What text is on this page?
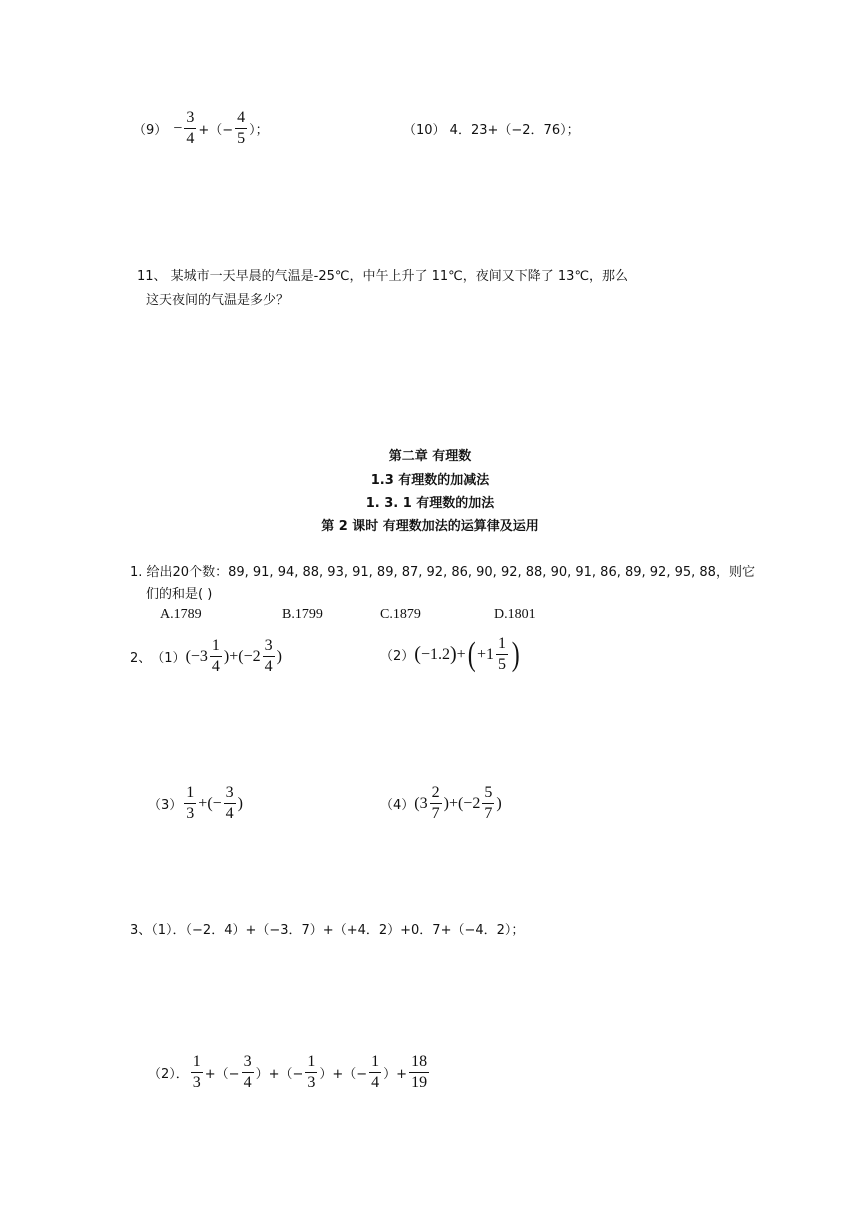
$(9) - \frac{3}{4}$ +（− $\frac{4}{5}$ ）；	（10） 4．23+（−2．76）；
11、 某城市一天早晨的气温是-25℃，中午上升了 11℃，夜间又下降了 13℃，那么
这天夜间的气温是多少？
第二章 有理数
1.3 有理数的加减法
1. 3. 1 有理数的加法
第 2 课时 有理数加法的运算律及运用
1. 给出20个数：89, 91, 94, 88, 93, 91, 89, 87, 92, 86, 90, 92, 88, 90, 91, 86, 89, 92, 95, 88，则它
们的和是( )
A.1789	B.1799	C.1879	D.1801
2、 （1） ( $-3 \frac{1}{4}$ ) + ( $-2 \frac{3}{4}$ )	（2） ( −1.2 ) + ( $+1 \frac{1}{5}$ )
$(3) \frac{1}{3}$ + (− $\frac{3}{4}$ )	（4） ( $3 \frac{2}{7}$ ) + ( $-2 \frac{5}{7}$ )
3、（1）．（−2．4）+（−3．7）+（+4．2）+0．7+（−4．2）；
（2）． $\frac{1}{3}$ +（− $\frac{3}{4}$ ）+（− $\frac{1}{3}$ ）+（− $\frac{1}{4}$ ）+ $\frac{18}{19}$
